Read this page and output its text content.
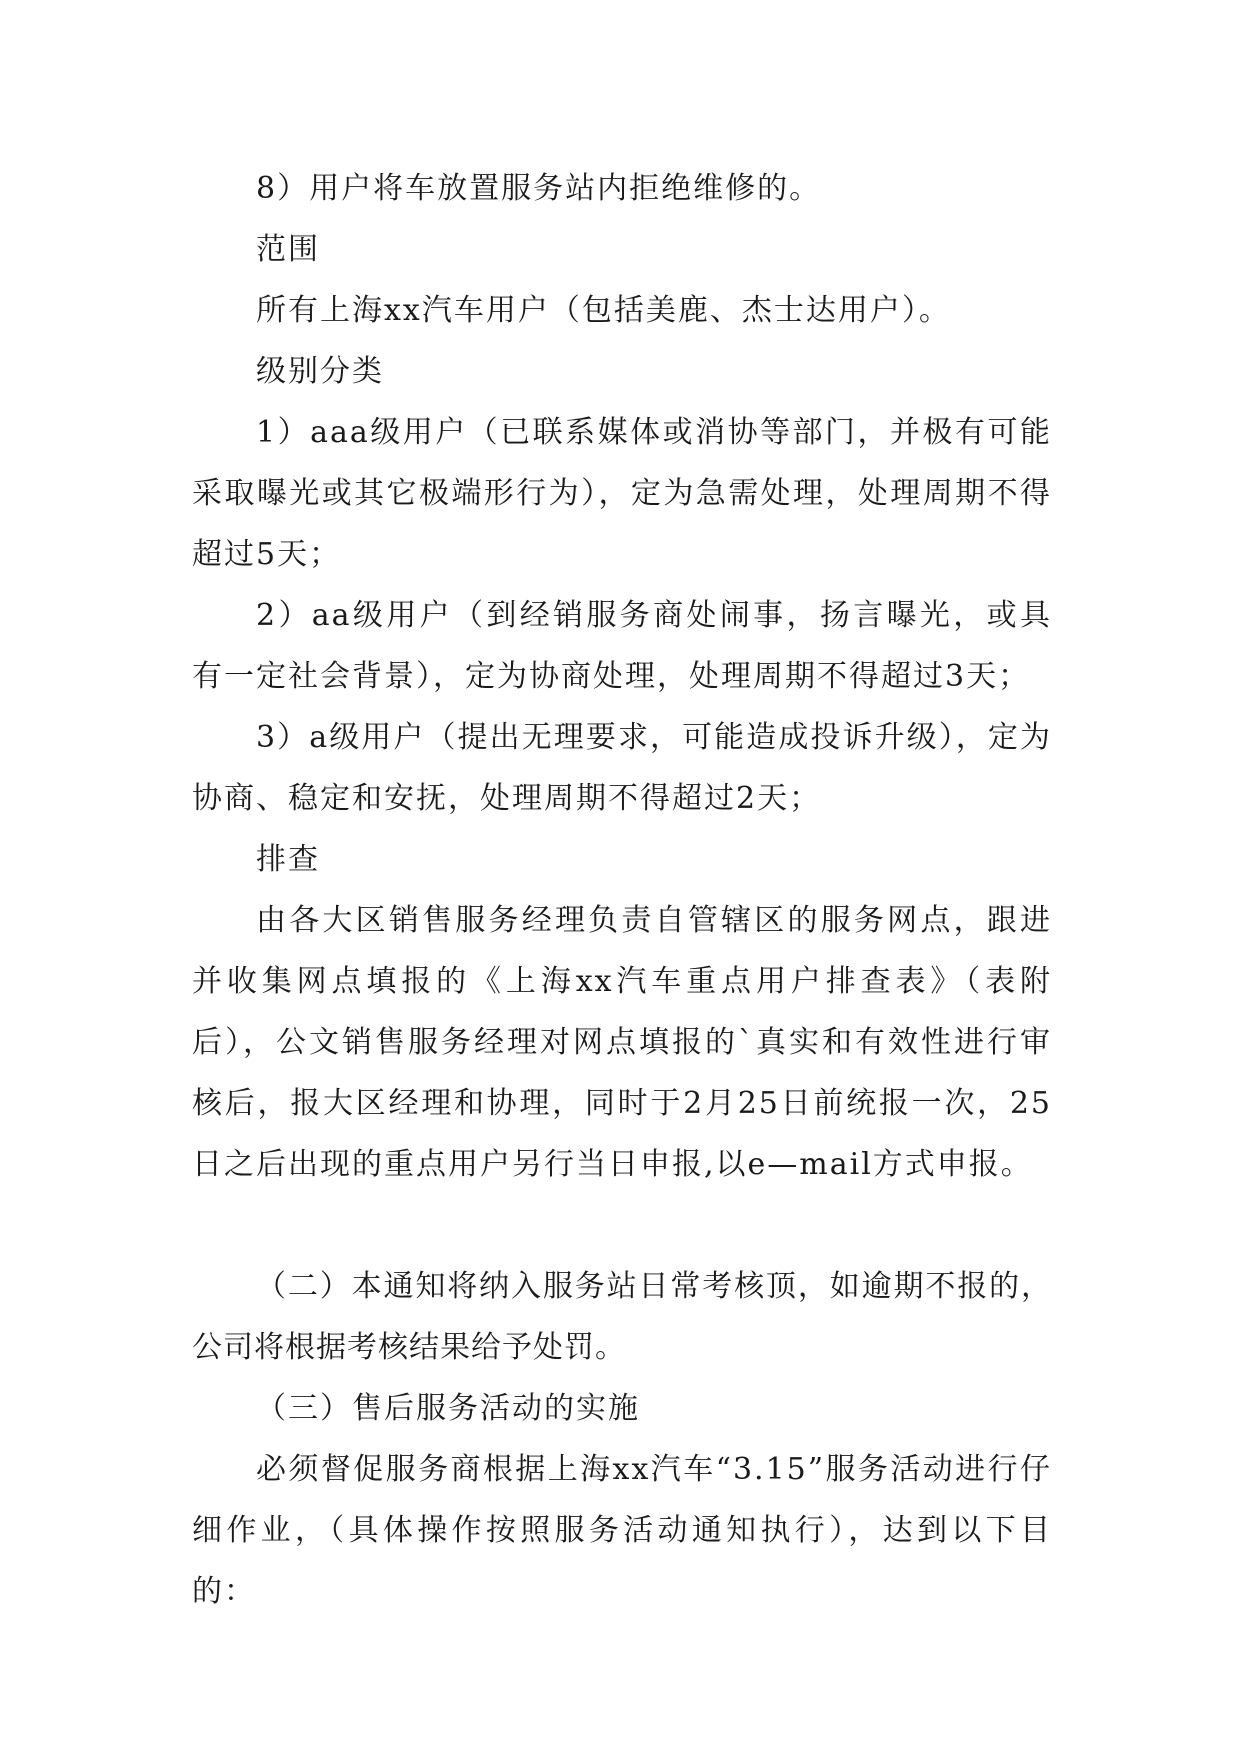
8）用户将车放置服务站内拒绝维修的。

范围

所有上海xx汽车用户（包括美鹿、杰士达用户）。

级别分类

1）aaa级用户（已联系媒体或消协等部门，并极有可能采取曝光或其它极端形行为），定为急需处理，处理周期不得超过5天；

2）aa级用户（到经销服务商处闹事，扬言曝光，或具有一定社会背景），定为协商处理，处理周期不得超过3天；

3）a级用户（提出无理要求，可能造成投诉升级），定为协商、稳定和安抚，处理周期不得超过2天；

排查

由各大区销售服务经理负责自管辖区的服务网点，跟进并收集网点填报的《上海xx汽车重点用户排查表》（表附后），公文销售服务经理对网点填报的`真实和有效性进行审核后，报大区经理和协理，同时于2月25日前统报一次，25日之后出现的重点用户另行当日申报,以e—mail方式申报。

（二）本通知将纳入服务站日常考核顶，如逾期不报的，公司将根据考核结果给予处罚。

（三）售后服务活动的实施

必须督促服务商根据上海xx汽车“3.15”服务活动进行仔细作业，（具体操作按照服务活动通知执行），达到以下目的：
